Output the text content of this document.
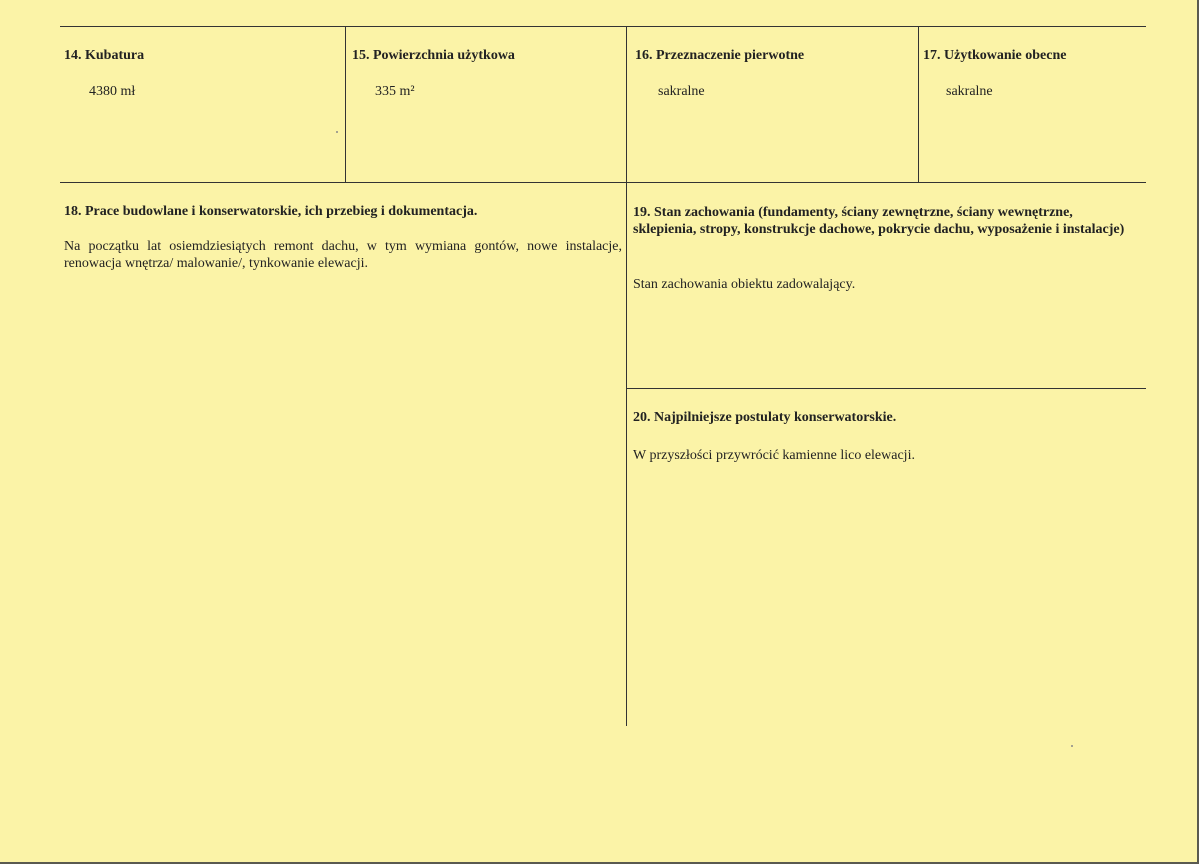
14. Kubatura
4380 mł
15. Powierzchnia użytkowa
335 m²
16. Przeznaczenie pierwotne
sakralne
17. Użytkowanie obecne
sakralne
18. Prace budowlane i konserwatorskie, ich przebieg i dokumentacja.
Na początku lat osiemdziesiątych remont dachu, w tym wymiana gontów, nowe instalacje, renowacja wnętrza/ malowanie/, tynkowanie elewacji.
19. Stan zachowania (fundamenty, ściany zewnętrzne, ściany wewnętrzne, sklepienia, stropy, konstrukcje dachowe, pokrycie dachu, wyposażenie i instalacje)
Stan zachowania obiektu zadowalający.
20. Najpilniejsze postulaty konserwatorskie.
W przyszłości przywrócić kamienne lico elewacji.
